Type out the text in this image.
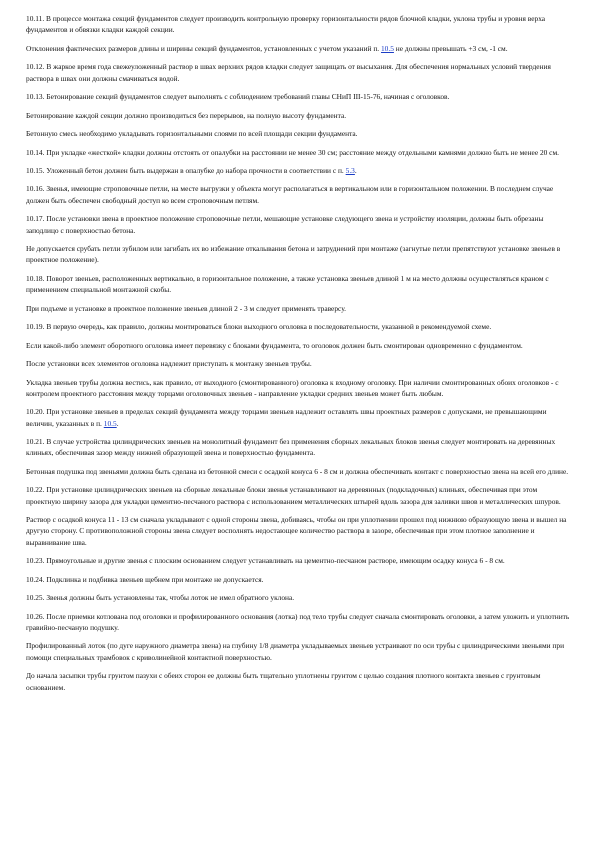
10.11. В процессе монтажа секций фундаментов следует производить контрольную проверку горизонтальности рядов блочной кладки, уклона трубы и уровня верха фундаментов и обвязки кладки каждой секции.

Отклонения фактических размеров длины и ширины секций фундаментов, установленных с учетом указаний п. 10.5 не должны превышать +3 см, -1 см.

10.12. В жаркое время года свежеуложенный раствор в швах верхних рядов кладки следует защищать от высыхания. Для обеспечения нормальных условий твердения раствора в швах они должны смачиваться водой.

10.13. Бетонирование секций фундаментов следует выполнять с соблюдением требований главы СНиП III-15-76, начиная с оголовков.

Бетонирование каждой секции должно производиться без перерывов, на полную высоту фундамента.

Бетонную смесь необходимо укладывать горизонтальными слоями по всей площади секции фундамента.

10.14. При укладке «жесткой» кладки должны отстоять от опалубки на расстоянии не менее 30 см; расстояние между отдельными камнями должно быть не менее 20 см.

10.15. Уложенный бетон должен быть выдержан в опалубке до набора прочности в соответствии с п. 5.3.

10.16. Звенья, имеющие строповочные петли, на месте выгрузки у объекта могут располагаться в вертикальном или в горизонтальном положении. В последнем случае должен быть обеспечен свободный доступ ко всем строповочным петлям.

10.17. После установки звена в проектное положение строповочные петли, мешающие установке следующего звена и устройству изоляции, должны быть обрезаны заподлицо с поверхностью бетона.

Не допускается срубать петли зубилом или загибать их во избежание откалывания бетона и затруднений при монтаже (загнутые петли препятствуют установке звеньев в проектное положение).

10.18. Поворот звеньев, расположенных вертикально, в горизонтальное положение, а также установка звеньев длиной 1 м на место должны осуществляться краном с применением специальной монтажной скобы.

При подъеме и установке в проектное положение звеньев длиной 2 - 3 м следует применять траверсу.

10.19. В первую очередь, как правило, должны монтироваться блоки выходного оголовка в последовательности, указанной в рекомендуемой схеме.

Если какой-либо элемент оборотного оголовка имеет перевязку с блоками фундамента, то оголовок должен быть смонтирован одновременно с фундаментом.

После установки всех элементов оголовка надлежит приступать к монтажу звеньев трубы.

Укладка звеньев трубы должна вестись, как правило, от выходного (смонтированного) оголовка к входному оголовку. При наличии смонтированных обоих оголовков - с контролем проектного расстояния между торцами оголовочных звеньев - направление укладки средних звеньев может быть любым.

10.20. При установке звеньев в пределах секций фундамента между торцами звеньев надлежит оставлять швы проектных размеров с допусками, не превышающими величин, указанных в п. 10.5.

10.21. В случае устройства цилиндрических звеньев на монолитный фундамент без применения сборных лекальных блоков звенья следует монтировать на деревянных клиньях, обеспечивая зазор между нижней образующей звена и поверхностью фундамента.

Бетонная подушка под звеньями должна быть сделана из бетонной смеси с осадкой конуса 6 - 8 см и должна обеспечивать контакт с поверхностью звена на всей его длине.

10.22. При установке цилиндрических звеньев на сборные лекальные блоки звенья устанавливают на деревянных (подкладочных) клиньях, обеспечивая при этом проектную ширину зазора для укладки цементно-песчаного раствора с использованием металлических штырей вдоль зазора для заливки швов и металлических шпуров.

Раствор с осадкой конуса 11 - 13 см сначала укладывают с одной стороны звена, добиваясь, чтобы он при уплотнении прошел под нижнюю образующую звена и вышел на другую сторону. С противоположной стороны звена следует восполнять недостающее количество раствора в зазоре, обеспечивая при этом плотное заполнение и выравнивание шва.

10.23. Прямоугольные и другие звенья с плоским основанием следует устанавливать на цементно-песчаном растворе, имеющим осадку конуса 6 - 8 см.

10.24. Подклинка и подбивка звеньев щебнем при монтаже не допускается.

10.25. Звенья должны быть установлены так, чтобы лоток не имел обратного уклона.

10.26. После приемки котлована под оголовки и профилированного основания (лотка) под тело трубы следует сначала смонтировать оголовки, а затем уложить и уплотнить гравийно-песчаную подушку.

Профилированный лоток (по дуге наружного диаметра звена) на глубину 1/8 диаметра укладываемых звеньев устраивают по оси трубы с цилиндрическими звеньями при помощи специальных трамбовок с криволинейной контактной поверхностью.

До начала засыпки трубы грунтом пазухи с обеих сторон ее должны быть тщательно уплотнены грунтом с целью создания плотного контакта звеньев с грунтовым основанием.
